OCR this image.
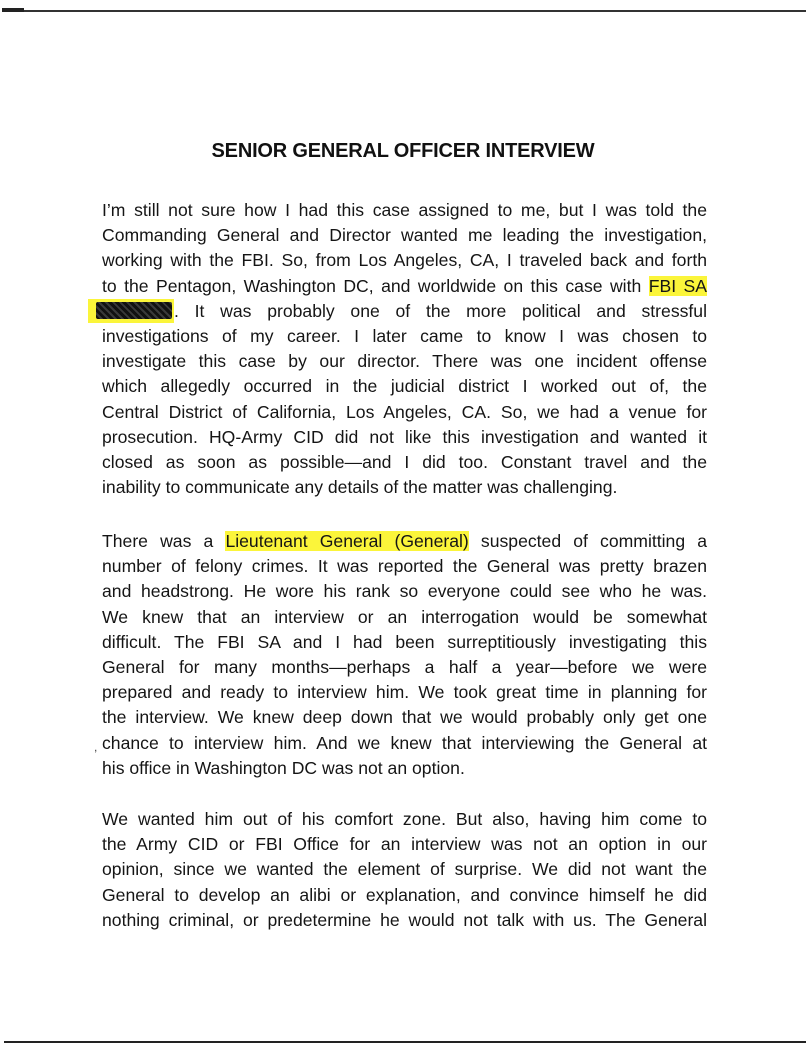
SENIOR GENERAL OFFICER INTERVIEW
I’m still not sure how I had this case assigned to me, but I was told the
Commanding General and Director wanted me leading the investigation,
working with the FBI. So, from Los Angeles, CA, I traveled back and forth
to the Pentagon, Washington DC, and worldwide on this case with FBI SA
. It was probably one of the more political and stressful
investigations of my career. I later came to know I was chosen to
investigate this case by our director. There was one incident offense
which allegedly occurred in the judicial district I worked out of, the
Central District of California, Los Angeles, CA. So, we had a venue for
prosecution. HQ-Army CID did not like this investigation and wanted it
closed as soon as possible—and I did too. Constant travel and the
inability to communicate any details of the matter was challenging.
There was a Lieutenant General (General) suspected of committing a
number of felony crimes. It was reported the General was pretty brazen
and headstrong. He wore his rank so everyone could see who he was.
We knew that an interview or an interrogation would be somewhat
difficult. The FBI SA and I had been surreptitiously investigating this
General for many months—perhaps a half a year—before we were
prepared and ready to interview him. We took great time in planning for
the interview. We knew deep down that we would probably only get one
chance to interview him. And we knew that interviewing the General at
his office in Washington DC was not an option.
,
We wanted him out of his comfort zone. But also, having him come to
the Army CID or FBI Office for an interview was not an option in our
opinion, since we wanted the element of surprise. We did not want the
General to develop an alibi or explanation, and convince himself he did
nothing criminal, or predetermine he would not talk with us. The General
